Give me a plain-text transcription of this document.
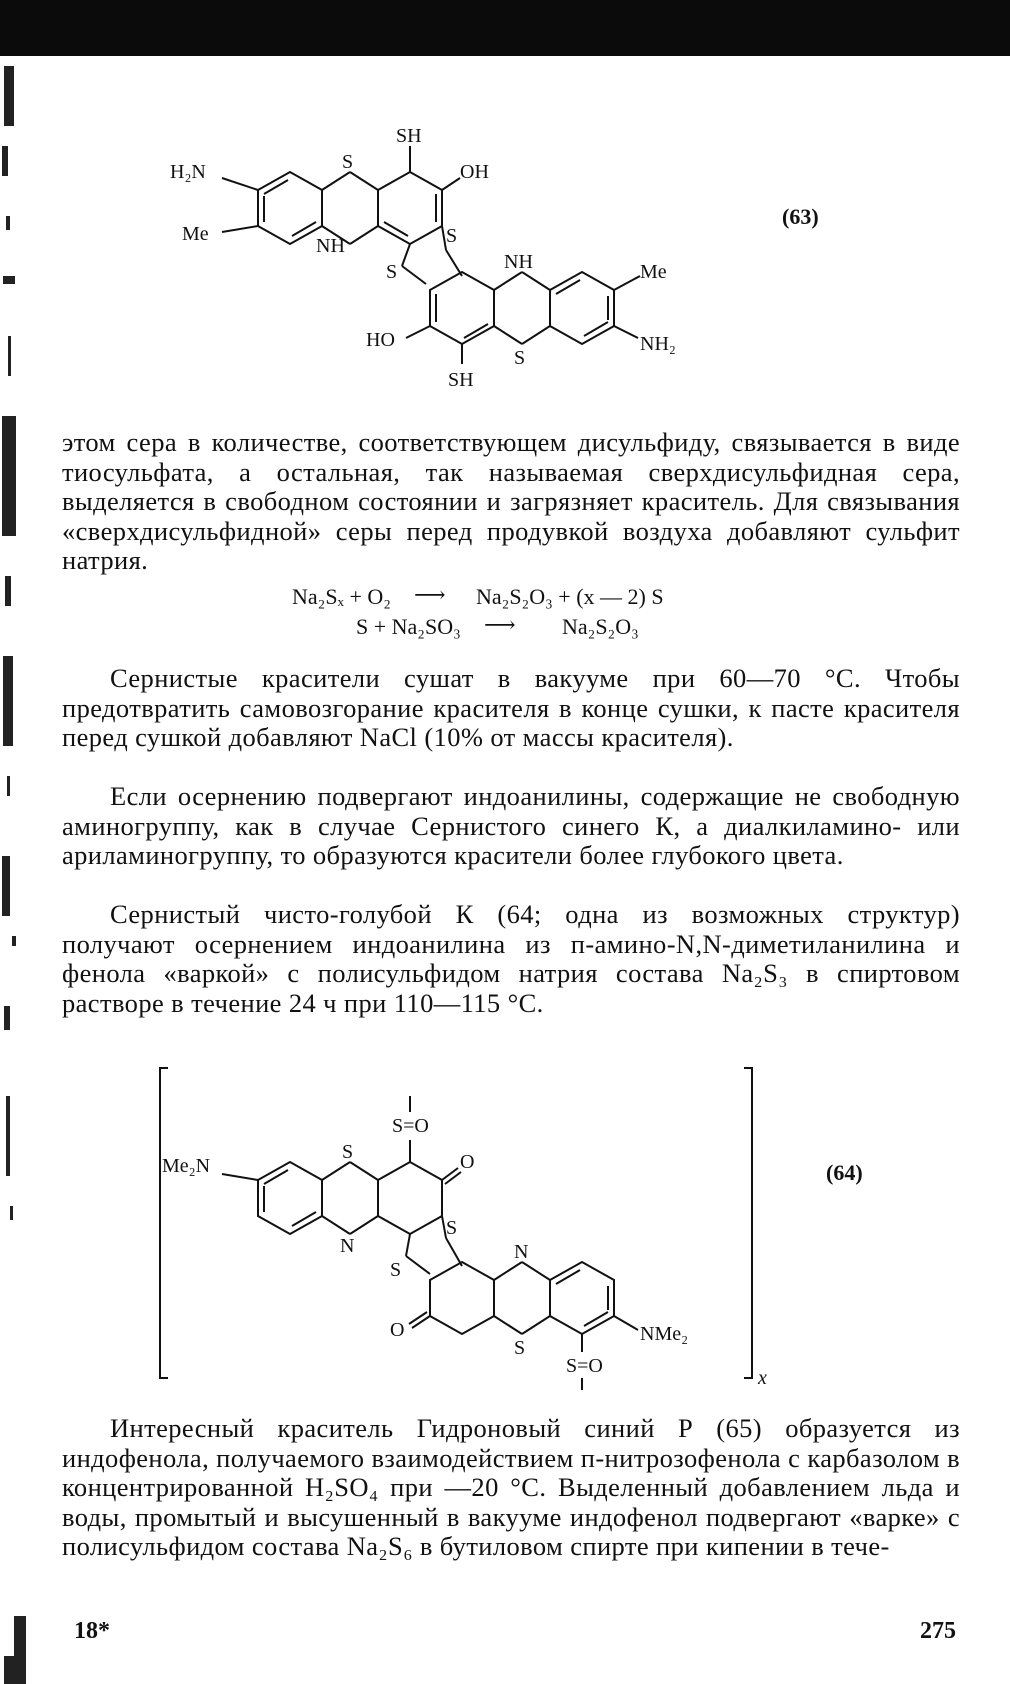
SH
S
H₂N	OH
Me
NH	S
S	NH	Me
HO	NH₂
S
SH
(63)

этом сера в количестве, соответствующем дисульфиду, связывается в виде тиосульфата, а остальная, так называемая сверхдисульфидная сера, выделяется в свободном состоянии и загрязняет краситель. Для связывания «сверхдисульфидной» серы перед продувкой воздуха добавляют сульфит натрия.

Na₂Sₓ + O₂ ⟶ Na₂S₂O₃ + (x — 2) S
S + Na₂SO₃ ⟶ Na₂S₂O₃

Сернистые красители сушат в вакууме при 60—70 °С. Чтобы предотвратить самовозгорание красителя в конце сушки, к пасте красителя перед сушкой добавляют NaCl (10% от массы красителя).

Если осернению подвергают индоанилины, содержащие не свободную аминогруппу, как в случае Сернистого синего К, а диалкиламино- или ариламиногруппу, то образуются красители более глубокого цвета.

Сернистый чисто-голубой К (64; одна из возможных структур) получают осернением индоанилина из п-амино-N,N-диметиланилина и фенола «варкой» с полисульфидом натрия состава Na₂S₃ в спиртовом растворе в течение 24 ч при 110—115 °С.

S=O
S	O
Me₂N
N
S
S
N
O
S
NMe₂
S=O
x
(64)

Интересный краситель Гидроновый синий Р (65) образуется из индофенола, получаемого взаимодействием п-нитрозофенола с карбазолом в концентрированной H₂SO₄ при —20 °С. Выделенный добавлением льда и воды, промытый и высушенный в вакууме индофенол подвергают «варке» с полисульфидом состава Na₂S₆ в бутиловом спирте при кипении в тече-

18*	275
